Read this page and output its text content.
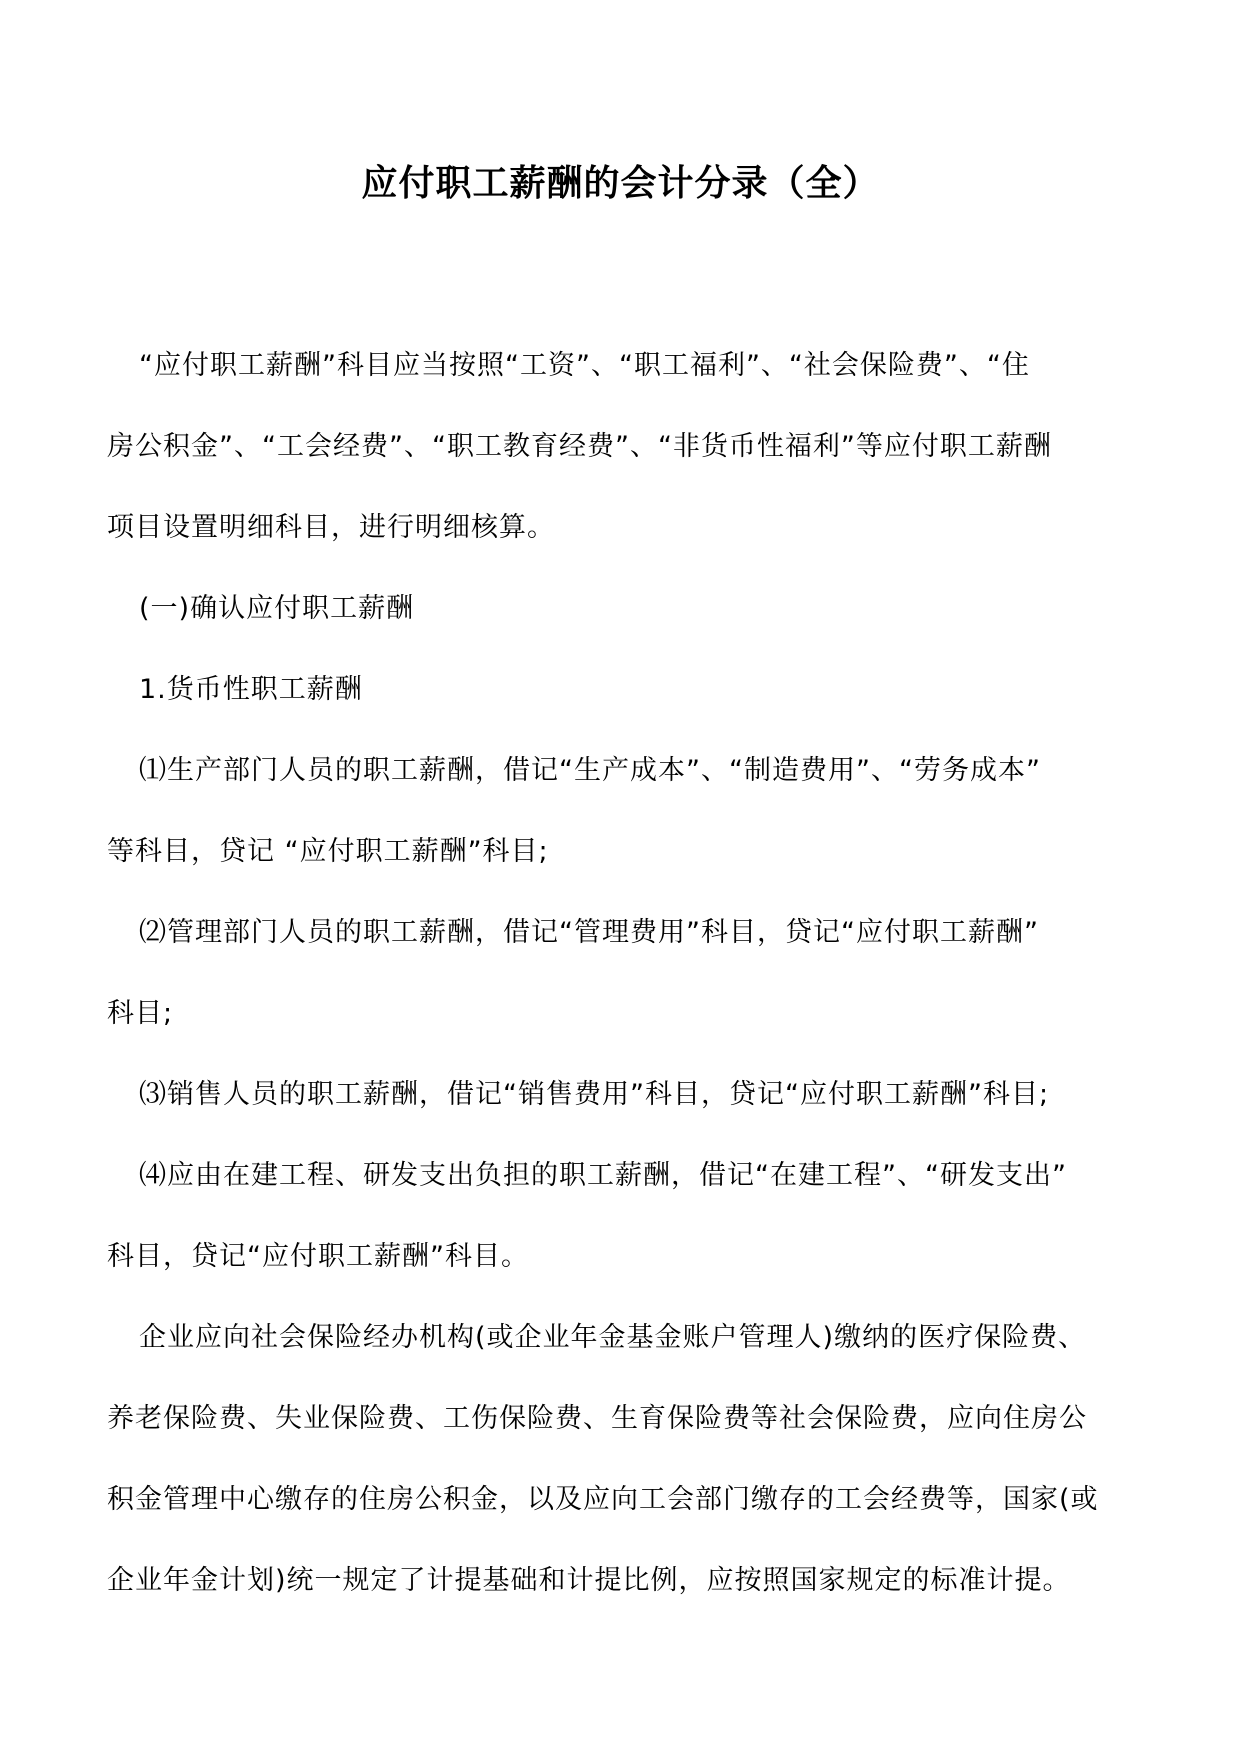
应付职工薪酬的会计分录（全）

“应付职工薪酬”科目应当按照“工资”、“职工福利”、“社会保险费”、“住

房公积金”、“工会经费”、“职工教育经费”、“非货币性福利”等应付职工薪酬

项目设置明细科目，进行明细核算。

(一)确认应付职工薪酬

1.货币性职工薪酬

⑴生产部门人员的职工薪酬，借记“生产成本”、“制造费用”、“劳务成本”

等科目，贷记 “应付职工薪酬”科目;

⑵管理部门人员的职工薪酬，借记“管理费用”科目，贷记“应付职工薪酬”

科目;

⑶销售人员的职工薪酬，借记“销售费用”科目，贷记“应付职工薪酬”科目;

⑷应由在建工程、研发支出负担的职工薪酬，借记“在建工程”、“研发支出”

科目，贷记“应付职工薪酬”科目。

企业应向社会保险经办机构(或企业年金基金账户管理人)缴纳的医疗保险费、

养老保险费、失业保险费、工伤保险费、生育保险费等社会保险费，应向住房公

积金管理中心缴存的住房公积金，以及应向工会部门缴存的工会经费等，国家(或

企业年金计划)统一规定了计提基础和计提比例，应按照国家规定的标准计提。
